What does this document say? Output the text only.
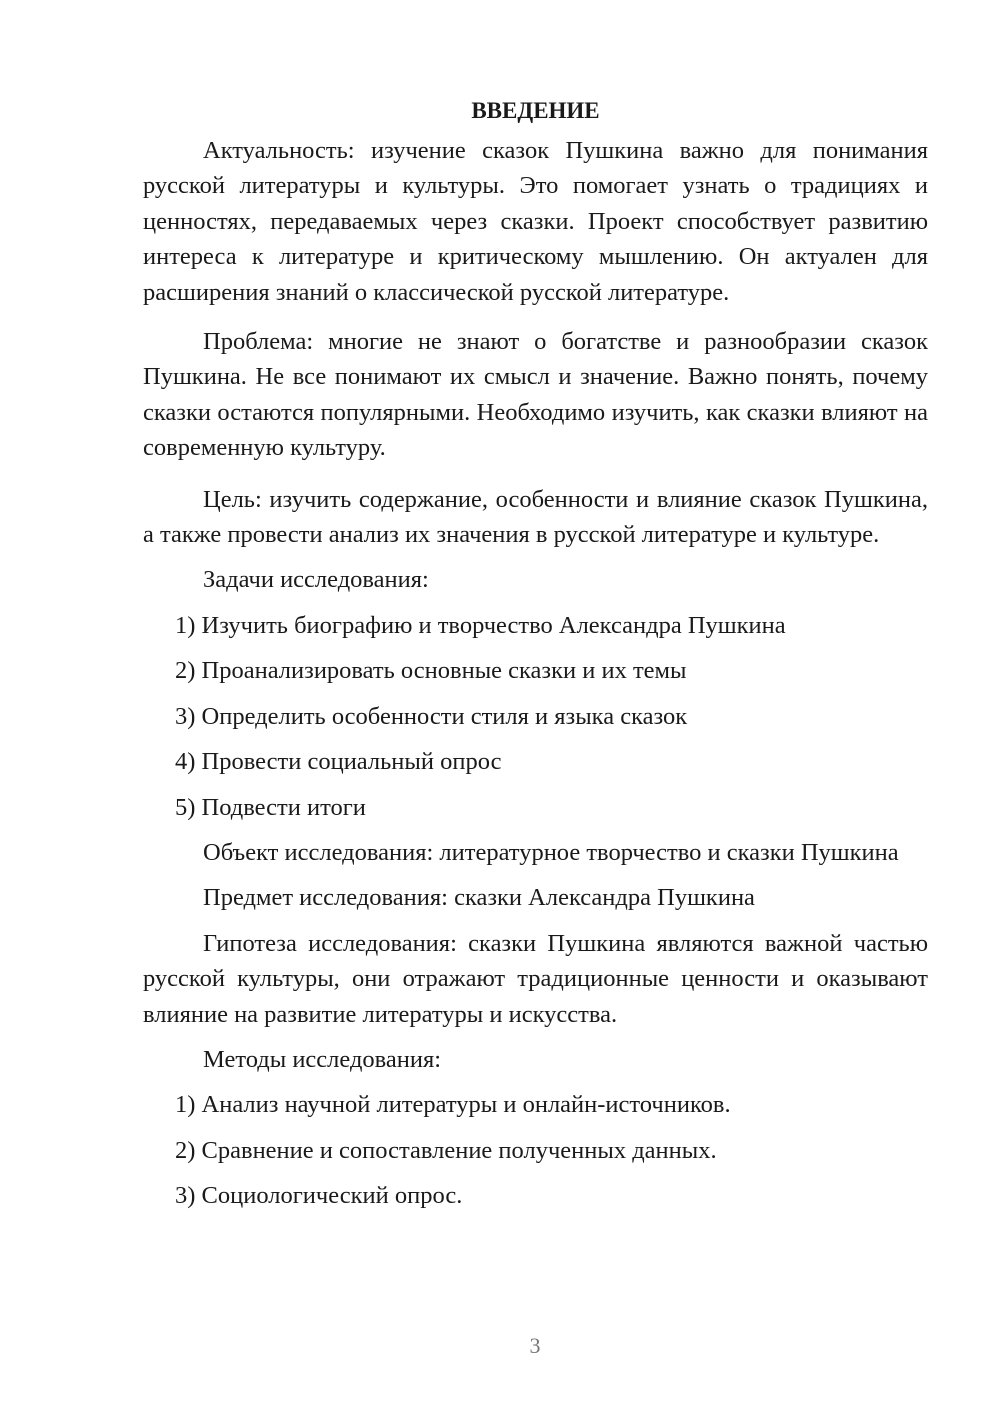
ВВЕДЕНИЕ

Актуальность: изучение сказок Пушкина важно для понимания русской литературы и культуры. Это помогает узнать о традициях и ценностях, передаваемых через сказки. Проект способствует развитию интереса к литературе и критическому мышлению. Он актуален для расширения знаний о классической русской литературе.

Проблема: многие не знают о богатстве и разнообразии сказок Пушкина. Не все понимают их смысл и значение. Важно понять, почему сказки остаются популярными. Необходимо изучить, как сказки влияют на современную культуру.

Цель: изучить содержание, особенности и влияние сказок Пушкина, а также провести анализ их значения в русской литературе и культуре.

Задачи исследования:

1) Изучить биографию и творчество Александра Пушкина

2) Проанализировать основные сказки и их темы

3) Определить особенности стиля и языка сказок

4) Провести социальный опрос

5) Подвести итоги

Объект исследования: литературное творчество и сказки Пушкина

Предмет исследования: сказки Александра Пушкина

Гипотеза исследования: сказки Пушкина являются важной частью русской культуры, они отражают традиционные ценности и оказывают влияние на развитие литературы и искусства.

Методы исследования:

1) Анализ научной литературы и онлайн-источников.

2) Сравнение и сопоставление полученных данных.

3) Социологический опрос.

3
